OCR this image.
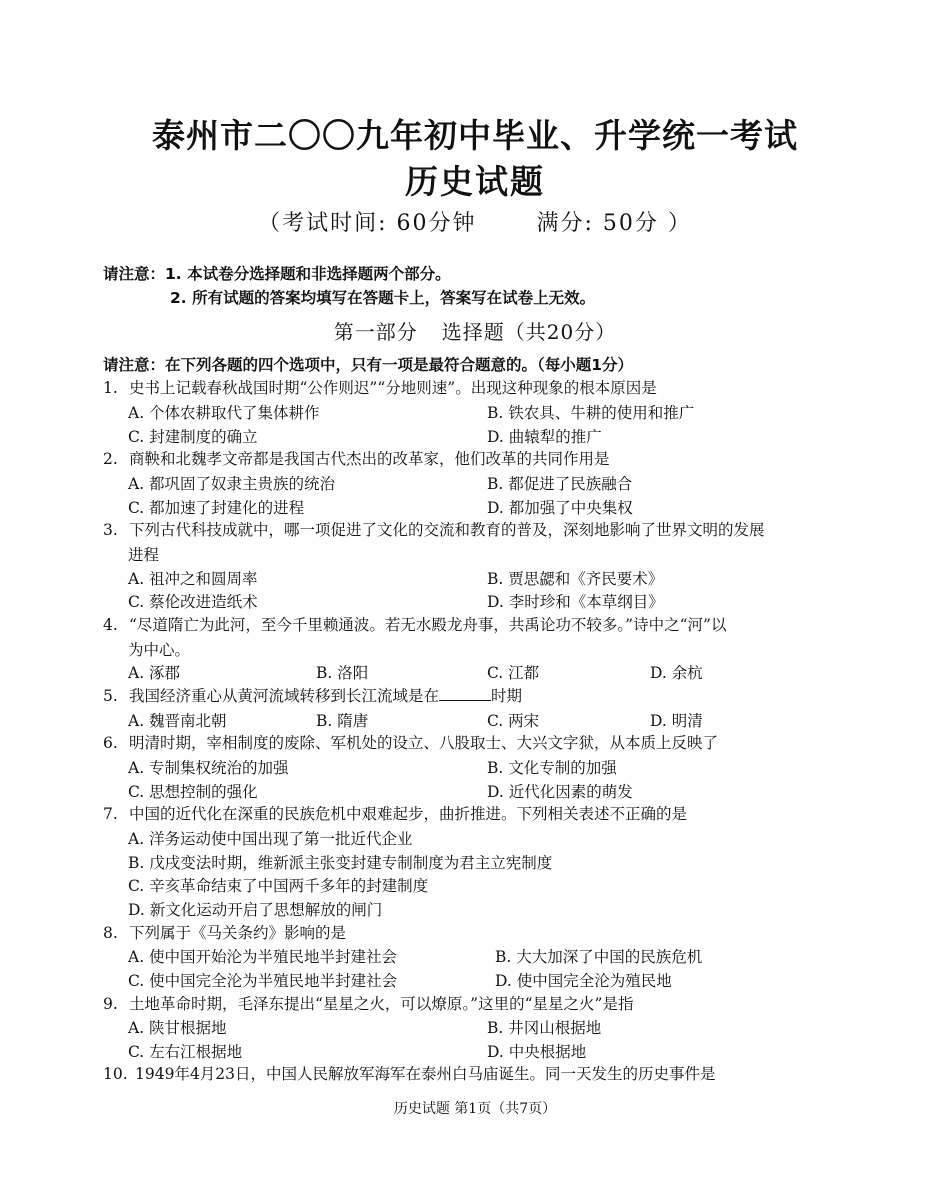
泰州市二〇〇九年初中毕业、升学统一考试
历史试题
（考试时间: 60分钟	满分: 50分 ）
请注意：1. 本试卷分选择题和非选择题两个部分。
2. 所有试题的答案均填写在答题卡上，答案写在试卷上无效。
第一部分 选择题（共20分）
请注意：在下列各题的四个选项中，只有一项是最符合题意的。（每小题1分）
1. 史书上记载春秋战国时期“公作则迟”“分地则速”。出现这种现象的根本原因是
A. 个体农耕取代了集体耕作	B. 铁农具、牛耕的使用和推广
C. 封建制度的确立	D. 曲辕犁的推广
2. 商鞅和北魏孝文帝都是我国古代杰出的改革家，他们改革的共同作用是
A. 都巩固了奴隶主贵族的统治	B. 都促进了民族融合
C. 都加速了封建化的进程	D. 都加强了中央集权
3. 下列古代科技成就中，哪一项促进了文化的交流和教育的普及，深刻地影响了世界文明的发展
进程
A. 祖冲之和圆周率	B. 贾思勰和《齐民要术》
C. 蔡伦改进造纸术	D. 李时珍和《本草纲目》
4. “尽道隋亡为此河，至今千里赖通波。若无水殿龙舟事，共禹论功不较多。”诗中之“河”以
为中心。
A. 涿郡	B. 洛阳	C. 江都	D. 余杭
5. 我国经济重心从黄河流域转移到长江流域是在	时期
A. 魏晋南北朝	B. 隋唐	C. 两宋	D. 明清
6. 明清时期，宰相制度的废除、军机处的设立、八股取士、大兴文字狱，从本质上反映了
A. 专制集权统治的加强	B. 文化专制的加强
C. 思想控制的强化	D. 近代化因素的萌发
7. 中国的近代化在深重的民族危机中艰难起步，曲折推进。下列相关表述不正确的是
A. 洋务运动使中国出现了第一批近代企业
B. 戊戌变法时期，维新派主张变封建专制制度为君主立宪制度
C. 辛亥革命结束了中国两千多年的封建制度
D. 新文化运动开启了思想解放的闸门
8. 下列属于《马关条约》影响的是
A. 使中国开始沦为半殖民地半封建社会	B. 大大加深了中国的民族危机
C. 使中国完全沦为半殖民地半封建社会	D. 使中国完全沦为殖民地
9. 土地革命时期，毛泽东提出“星星之火，可以燎原。”这里的“星星之火”是指
A. 陕甘根据地	B. 井冈山根据地
C. 左右江根据地	D. 中央根据地
10. 1949年4月23日，中国人民解放军海军在泰州白马庙诞生。同一天发生的历史事件是
历史试题 第1页（共7页）
